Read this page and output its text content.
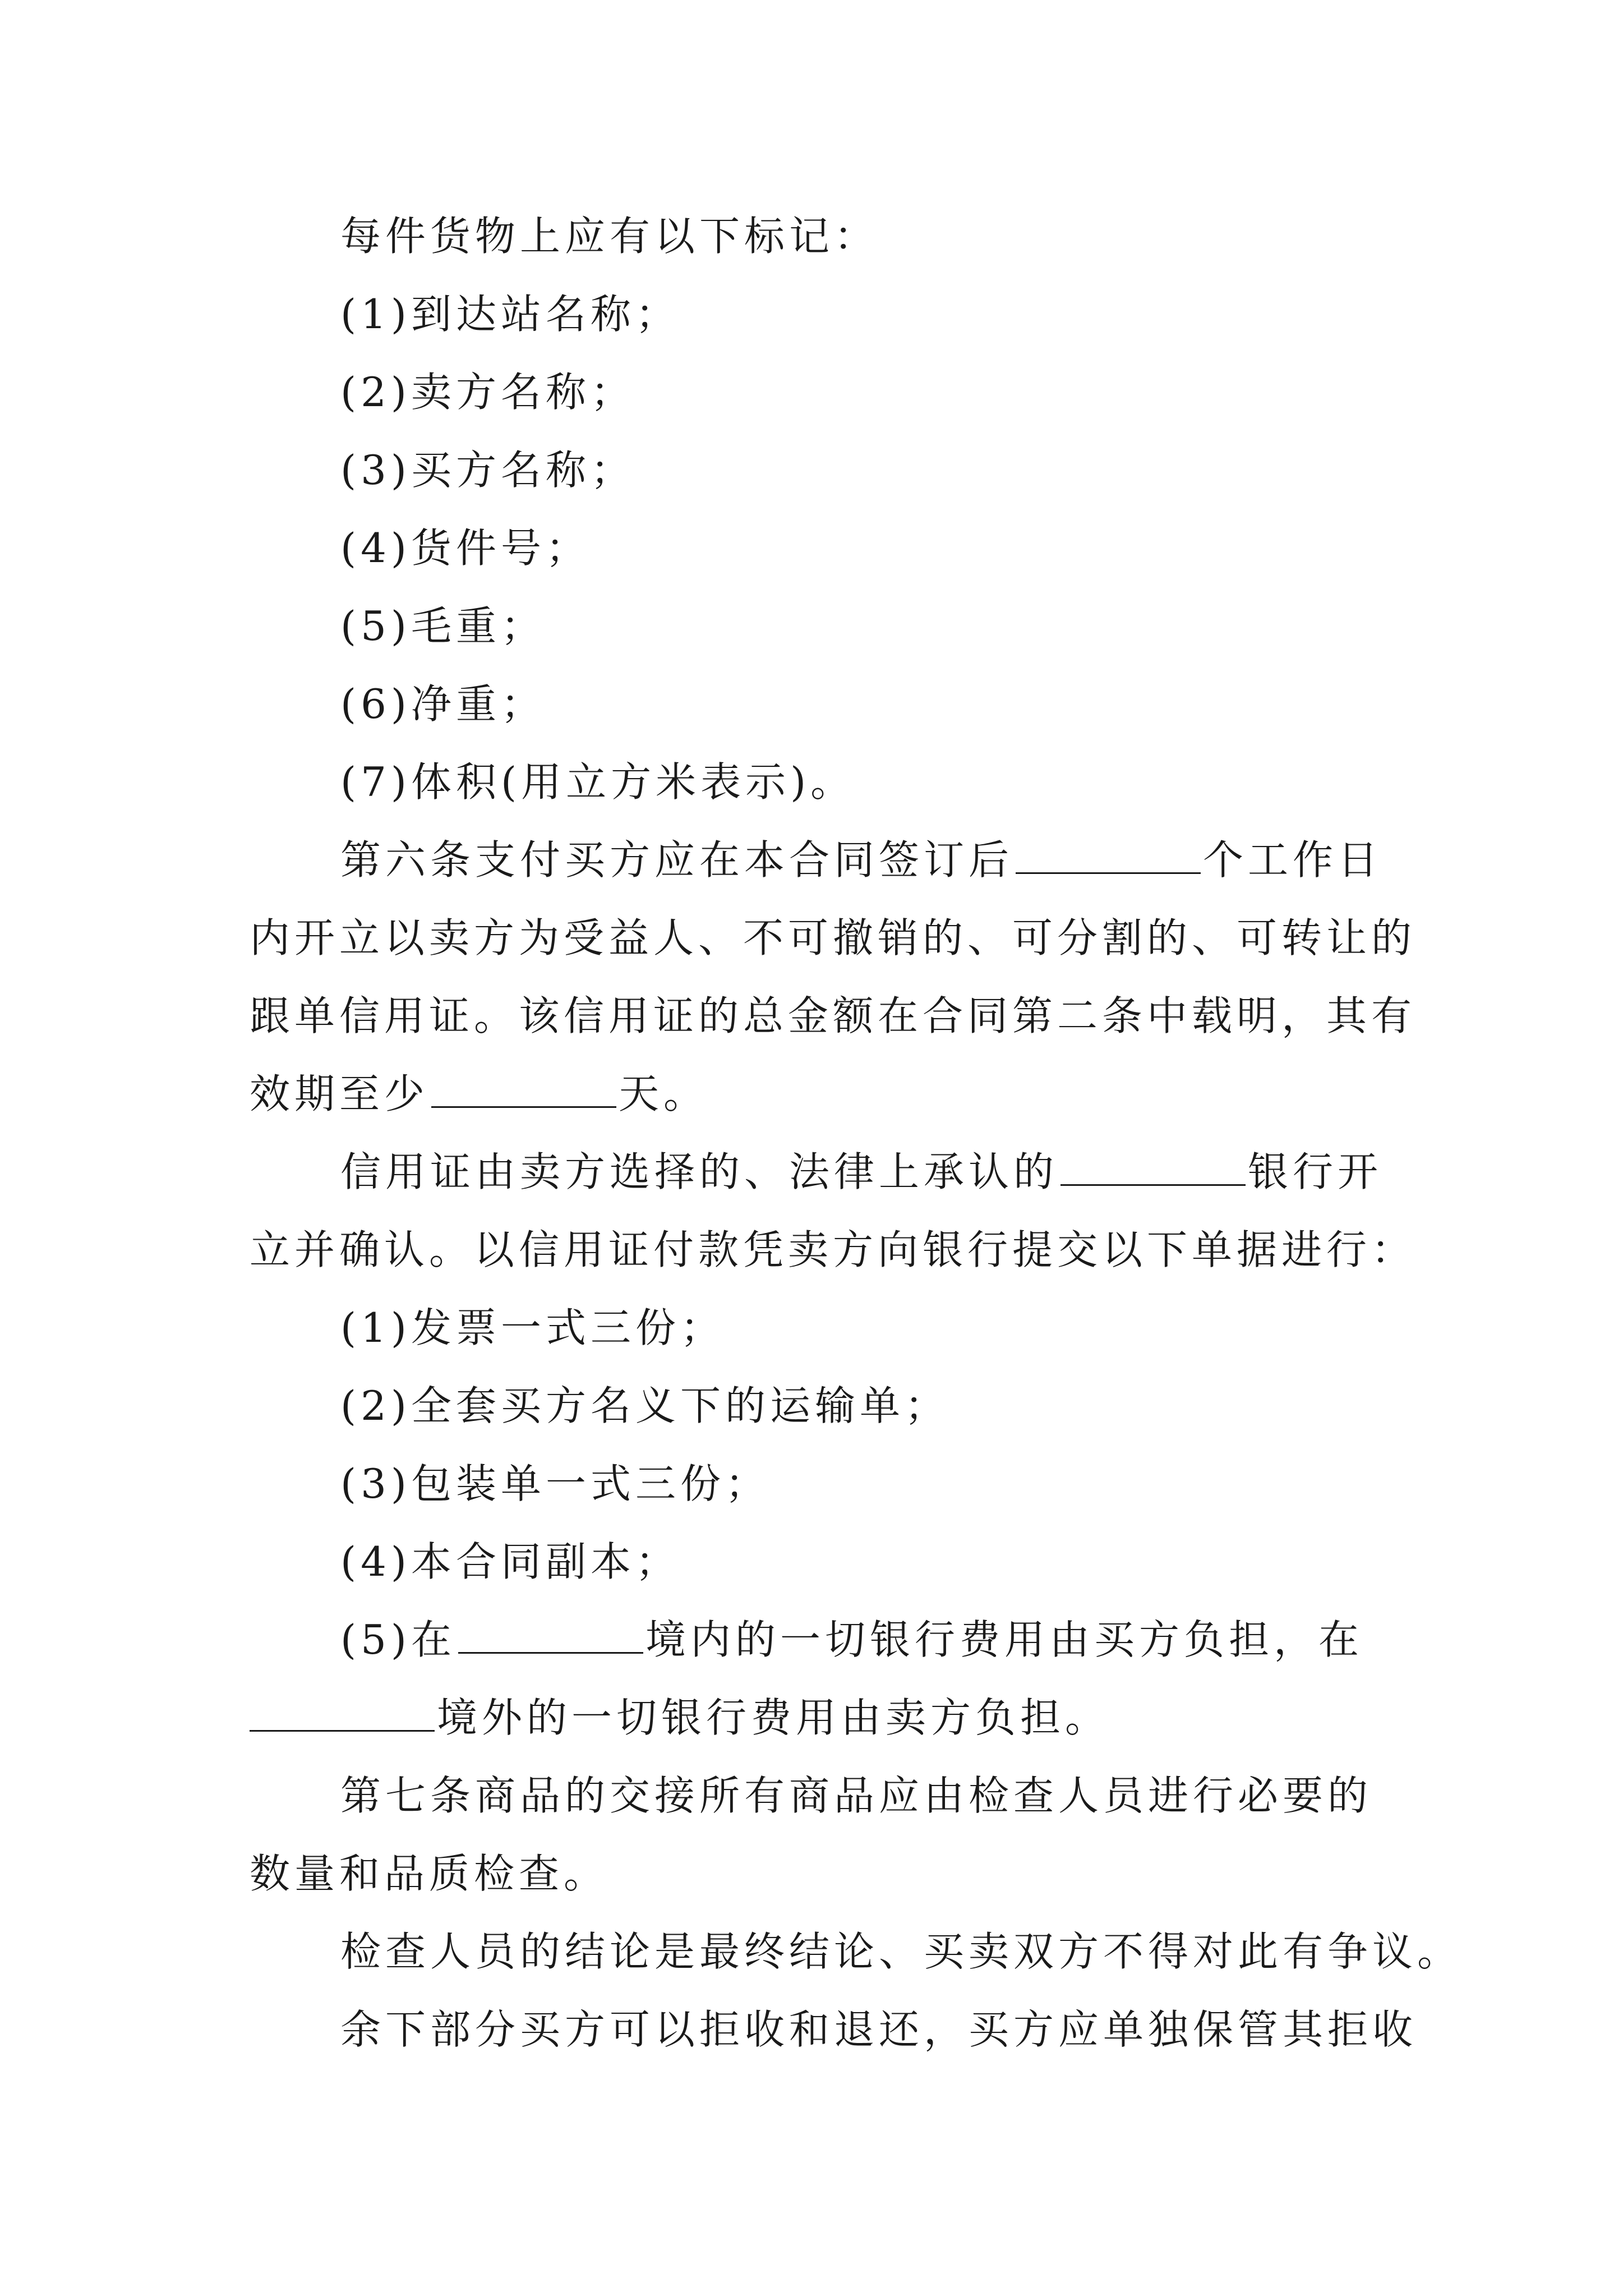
每件货物上应有以下标记：
(1)到达站名称；
(2)卖方名称；
(3)买方名称；
(4)货件号；
(5)毛重；
(6)净重；
(7)体积(用立方米表示)。
第六条支付买方应在本合同签订后	个工作日
内开立以卖方为受益人、不可撤销的、可分割的、可转让的
跟单信用证。该信用证的总金额在合同第二条中载明，其有
效期至少	天。
信用证由卖方选择的、法律上承认的	银行开
立并确认。以信用证付款凭卖方向银行提交以下单据进行：
(1)发票一式三份；
(2)全套买方名义下的运输单；
(3)包装单一式三份；
(4)本合同副本；
(5)在	境内的一切银行费用由买方负担，在
境外的一切银行费用由卖方负担。
第七条商品的交接所有商品应由检查人员进行必要的
数量和品质检查。
检查人员的结论是最终结论、买卖双方不得对此有争议。
余下部分买方可以拒收和退还，买方应单独保管其拒收
